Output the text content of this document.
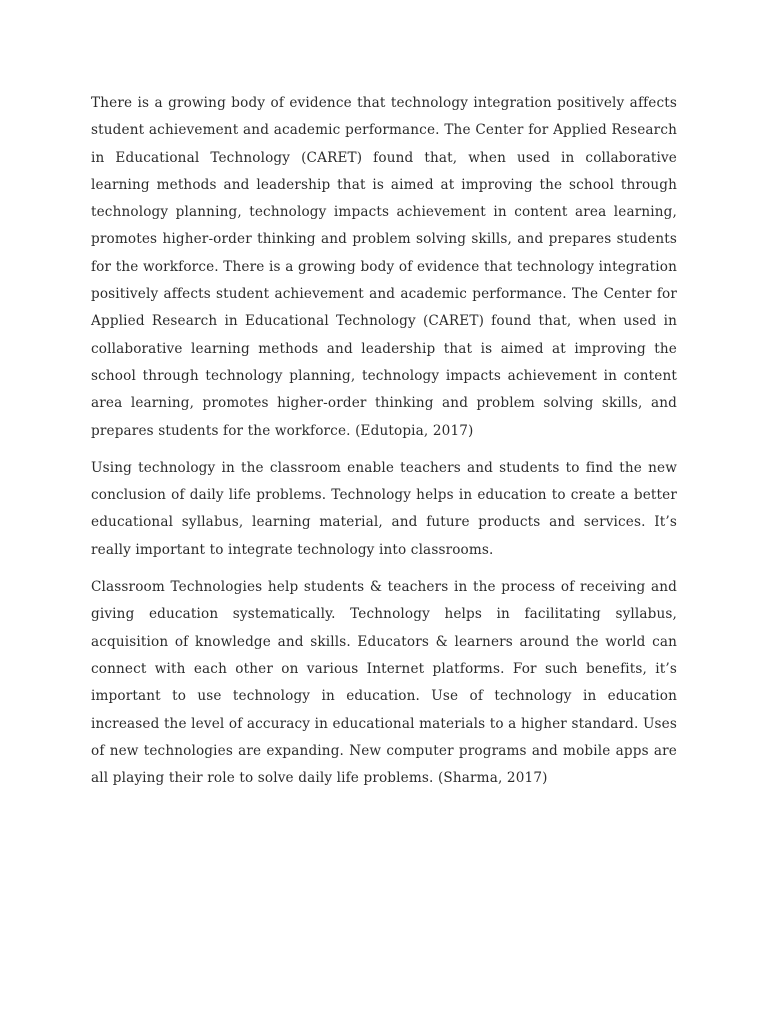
There is a growing body of evidence that technology integration positively affects student achievement and academic performance. The Center for Applied Research in Educational Technology (CARET) found that, when used in collaborative learning methods and leadership that is aimed at improving the school through technology planning, technology impacts achievement in content area learning, promotes higher-order thinking and problem solving skills, and prepares students for the workforce. There is a growing body of evidence that technology integration positively affects student achievement and academic performance. The Center for Applied Research in Educational Technology (CARET) found that, when used in collaborative learning methods and leadership that is aimed at improving the school through technology planning, technology impacts achievement in content area learning, promotes higher-order thinking and problem solving skills, and prepares students for the workforce. (Edutopia, 2017)

Using technology in the classroom enable teachers and students to find the new conclusion of daily life problems. Technology helps in education to create a better educational syllabus, learning material, and future products and services. It’s really important to integrate technology into classrooms.

Classroom Technologies help students & teachers in the process of receiving and giving education systematically. Technology helps in facilitating syllabus, acquisition of knowledge and skills. Educators & learners around the world can connect with each other on various Internet platforms. For such benefits, it’s important to use technology in education. Use of technology in education increased the level of accuracy in educational materials to a higher standard. Uses of new technologies are expanding. New computer programs and mobile apps are all playing their role to solve daily life problems. (Sharma, 2017)
